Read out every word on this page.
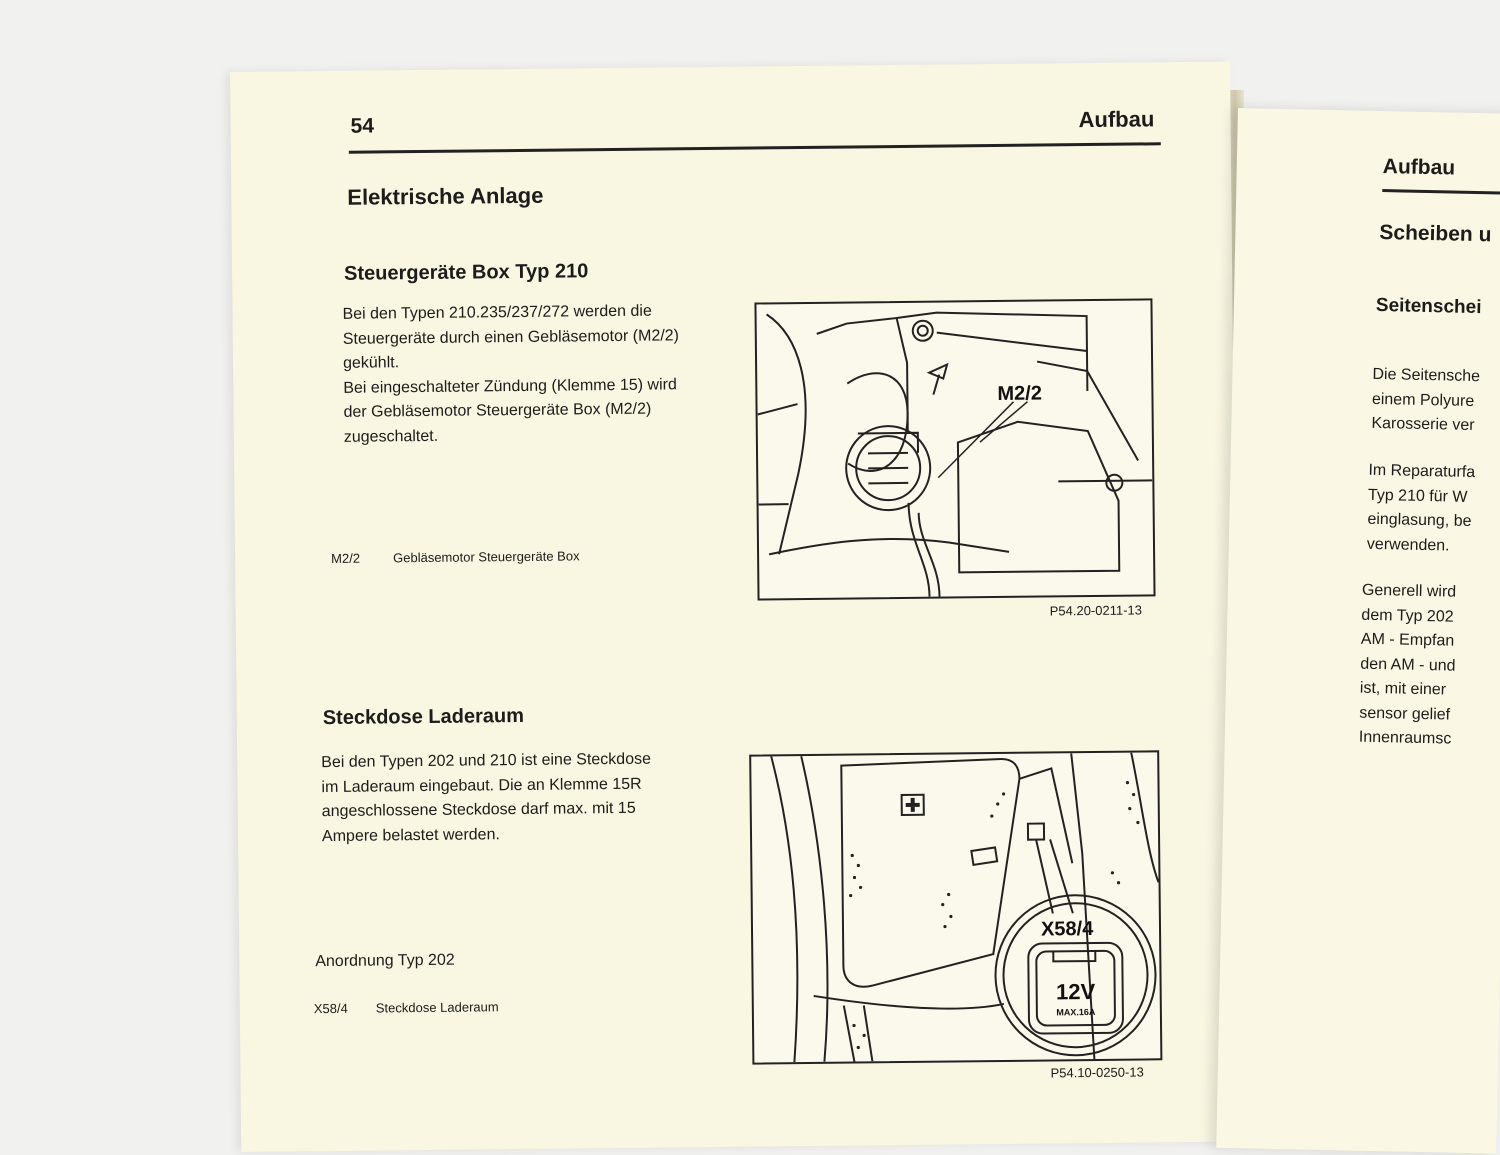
54	Aufbau
Elektrische Anlage
Steuergeräte Box Typ 210
Bei den Typen 210.235/237/272 werden die
Steuergeräte durch einen Gebläsemotor (M2/2)
gekühlt.
Bei eingeschalteter Zündung (Klemme 15) wird
der Gebläsemotor Steuergeräte Box (M2/2)
zugeschaltet.
M2/2	Gebläsemotor Steuergeräte Box
M2/2
P54.20-0211-13
Steckdose Laderaum
Bei den Typen 202 und 210 ist eine Steckdose
im Laderaum eingebaut. Die an Klemme 15R
angeschlossene Steckdose darf max. mit 15
Ampere belastet werden.
Anordnung Typ 202
X58/4 Steckdose Laderaum
X58/4
12V
MAX.16A
P54.10-0250-13
Aufbau
Scheiben u
Seitenschei
Die Seitensche
einem Polyure
Karosserie ver
Im Reparaturfa
Typ 210 für W
einglasung, be
verwenden.
Generell wird
dem Typ 202
AM - Empfan
den AM - und
ist, mit einer
sensor gelief
Innenraumsc
